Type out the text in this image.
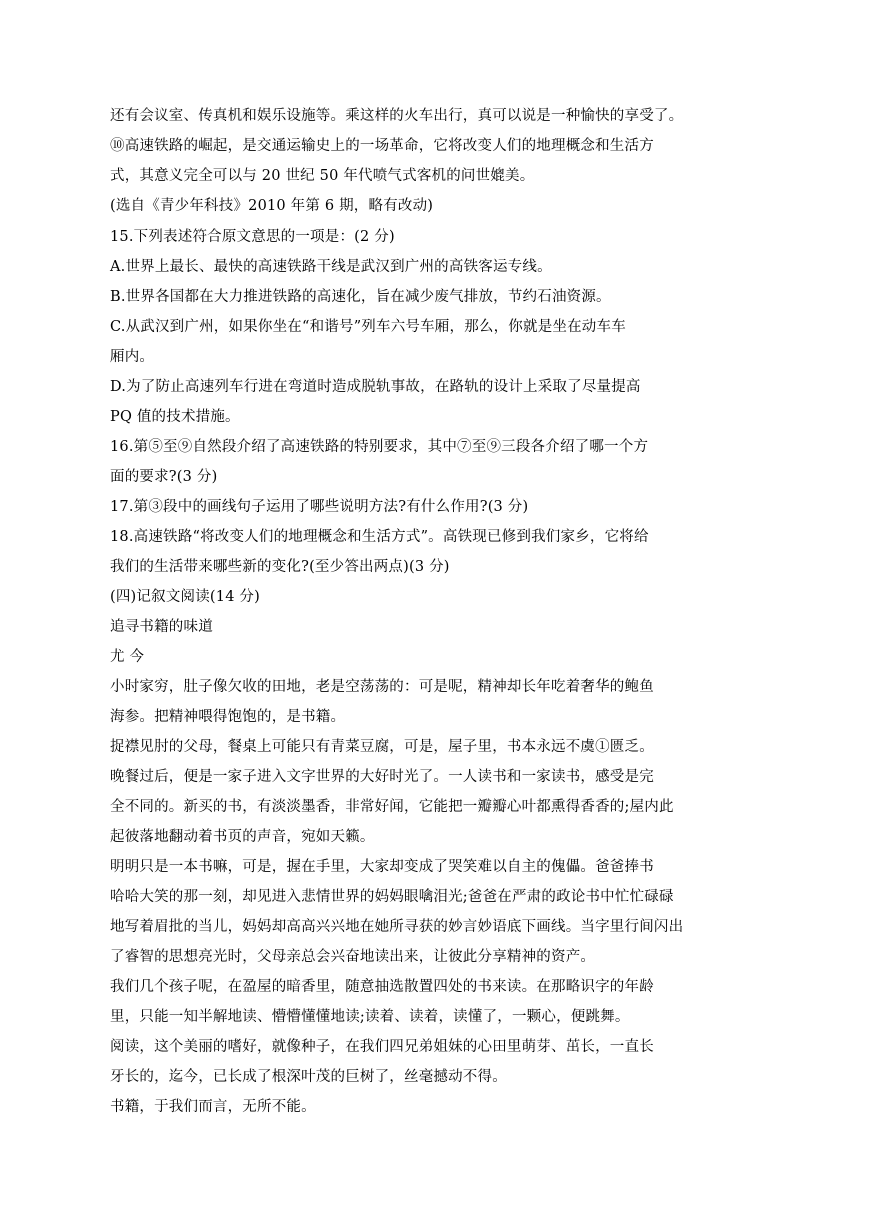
还有会议室、传真机和娱乐设施等。乘这样的火车出行，真可以说是一种愉快的享受了。
⑩高速铁路的崛起，是交通运输史上的一场革命，它将改变人们的地理概念和生活方
式，其意义完全可以与 20 世纪 50 年代喷气式客机的问世媲美。
(选自《青少年科技》2010 年第 6 期，略有改动)
15.下列表述符合原文意思的一项是：(2 分)
A.世界上最长、最快的高速铁路干线是武汉到广州的高铁客运专线。
B.世界各国都在大力推进铁路的高速化，旨在减少废气排放，节约石油资源。
C.从武汉到广州，如果你坐在“和谐号”列车六号车厢，那么，你就是坐在动车车
厢内。
D.为了防止高速列车行进在弯道时造成脱轨事故，在路轨的设计上采取了尽量提高
PQ 值的技术措施。
16.第⑤至⑨自然段介绍了高速铁路的特别要求，其中⑦至⑨三段各介绍了哪一个方
面的要求?(3 分)
17.第③段中的画线句子运用了哪些说明方法?有什么作用?(3 分)
18.高速铁路“将改变人们的地理概念和生活方式”。高铁现已修到我们家乡，它将给
我们的生活带来哪些新的变化?(至少答出两点)(3 分)
(四)记叙文阅读(14 分)
追寻书籍的味道
尤 今
小时家穷，肚子像欠收的田地，老是空荡荡的：可是呢，精神却长年吃着奢华的鲍鱼
海参。把精神喂得饱饱的，是书籍。
捉襟见肘的父母，餐桌上可能只有青菜豆腐，可是，屋子里，书本永远不虞①匮乏。
晚餐过后，便是一家子进入文字世界的大好时光了。一人读书和一家读书，感受是完
全不同的。新买的书，有淡淡墨香，非常好闻，它能把一瓣瓣心叶都熏得香香的;屋内此
起彼落地翻动着书页的声音，宛如天籁。
明明只是一本书嘛，可是，握在手里，大家却变成了哭笑难以自主的傀儡。爸爸捧书
哈哈大笑的那一刻，却见进入悲情世界的妈妈眼噙泪光;爸爸在严肃的政论书中忙忙碌碌
地写着眉批的当儿，妈妈却高高兴兴地在她所寻获的妙言妙语底下画线。当字里行间闪出
了睿智的思想亮光时，父母亲总会兴奋地读出来，让彼此分享精神的资产。
我们几个孩子呢，在盈屋的暗香里，随意抽选散置四处的书来读。在那略识字的年龄
里，只能一知半解地读、懵懵懂懂地读;读着、读着，读懂了，一颗心，便跳舞。
阅读，这个美丽的嗜好，就像种子，在我们四兄弟姐妹的心田里萌芽、茁长，一直长
牙长的，迄今，已长成了根深叶茂的巨树了，丝毫撼动不得。
书籍，于我们而言，无所不能。
